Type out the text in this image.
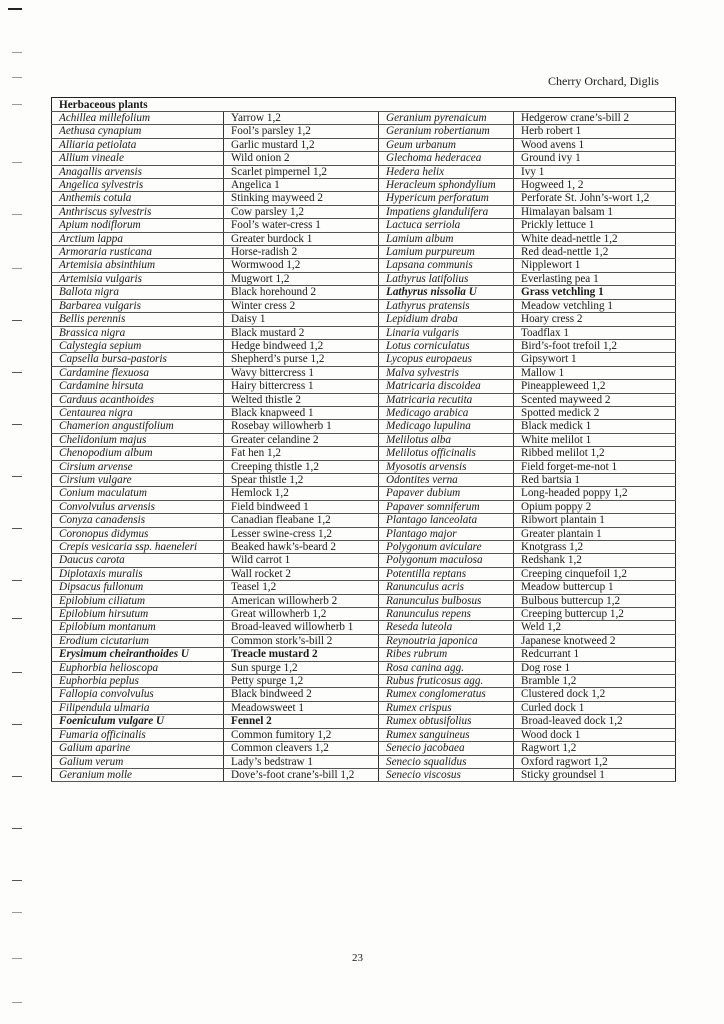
Cherry Orchard, Diglis
Herbaceous plants			
Achillea millefolium	Yarrow 1,2	Geranium pyrenaicum	Hedgerow crane’s-bill 2
Aethusa cynapium	Fool’s parsley 1,2	Geranium robertianum	Herb robert 1
Alliaria petiolata	Garlic mustard 1,2	Geum urbanum	Wood avens 1
Allium vineale	Wild onion 2	Glechoma hederacea	Ground ivy 1
Anagallis arvensis	Scarlet pimpernel 1,2	Hedera helix	Ivy 1
Angelica sylvestris	Angelica 1	Heracleum sphondylium	Hogweed 1, 2
Anthemis cotula	Stinking mayweed 2	Hypericum perforatum	Perforate St. John’s-wort 1,2
Anthriscus sylvestris	Cow parsley 1,2	Impatiens glandulifera	Himalayan balsam 1
Apium nodiflorum	Fool’s water-cress 1	Lactuca serriola	Prickly lettuce 1
Arctium lappa	Greater burdock 1	Lamium album	White dead-nettle 1,2
Armoraria rusticana	Horse-radish 2	Lamium purpureum	Red dead-nettle 1,2
Artemisia absinthium	Wormwood 1,2	Lapsana communis	Nipplewort 1
Artemisia vulgaris	Mugwort 1,2	Lathyrus latifolius	Everlasting pea 1
Ballota nigra	Black horehound 2	Lathyrus nissolia U	Grass vetchling 1
Barbarea vulgaris	Winter cress 2	Lathyrus pratensis	Meadow vetchling 1
Bellis perennis	Daisy 1	Lepidium draba	Hoary cress 2
Brassica nigra	Black mustard 2	Linaria vulgaris	Toadflax 1
Calystegia sepium	Hedge bindweed 1,2	Lotus corniculatus	Bird’s-foot trefoil 1,2
Capsella bursa-pastoris	Shepherd’s purse 1,2	Lycopus europaeus	Gipsywort 1
Cardamine flexuosa	Wavy bittercress 1	Malva sylvestris	Mallow 1
Cardamine hirsuta	Hairy bittercress 1	Matricaria discoidea	Pineappleweed 1,2
Carduus acanthoides	Welted thistle 2	Matricaria recutita	Scented mayweed 2
Centaurea nigra	Black knapweed 1	Medicago arabica	Spotted medick 2
Chamerion angustifolium	Rosebay willowherb 1	Medicago lupulina	Black medick 1
Chelidonium majus	Greater celandine 2	Melilotus alba	White melilot 1
Chenopodium album	Fat hen 1,2	Melilotus officinalis	Ribbed melilot 1,2
Cirsium arvense	Creeping thistle 1,2	Myosotis arvensis	Field forget-me-not 1
Cirsium vulgare	Spear thistle 1,2	Odontites verna	Red bartsia 1
Conium maculatum	Hemlock 1,2	Papaver dubium	Long-headed poppy 1,2
Convolvulus arvensis	Field bindweed 1	Papaver somniferum	Opium poppy 2
Conyza canadensis	Canadian fleabane 1,2	Plantago lanceolata	Ribwort plantain 1
Coronopus didymus	Lesser swine-cress 1,2	Plantago major	Greater plantain 1
Crepis vesicaria ssp. haeneleri	Beaked hawk’s-beard 2	Polygonum aviculare	Knotgrass 1,2
Daucus carota	Wild carrot 1	Polygonum maculosa	Redshank 1,2
Diplotaxis muralis	Wall rocket 2	Potentilla reptans	Creeping cinquefoil 1,2
Dipsacus fullonum	Teasel 1,2	Ranunculus acris	Meadow buttercup 1
Epilobium ciliatum	American willowherb 2	Ranunculus bulbosus	Bulbous buttercup 1,2
Epilobium hirsutum	Great willowherb 1,2	Ranunculus repens	Creeping buttercup 1,2
Epilobium montanum	Broad-leaved willowherb 1	Reseda luteola	Weld 1,2
Erodium cicutarium	Common stork’s-bill 2	Reynoutria japonica	Japanese knotweed 2
Erysimum cheiranthoides U	Treacle mustard 2	Ribes rubrum	Redcurrant 1
Euphorbia helioscopa	Sun spurge 1,2	Rosa canina agg.	Dog rose 1
Euphorbia peplus	Petty spurge 1,2	Rubus fruticosus agg.	Bramble 1,2
Fallopia convolvulus	Black bindweed 2	Rumex conglomeratus	Clustered dock 1,2
Filipendula ulmaria	Meadowsweet 1	Rumex crispus	Curled dock 1
Foeniculum vulgare U	Fennel 2	Rumex obtusifolius	Broad-leaved dock 1,2
Fumaria officinalis	Common fumitory 1,2	Rumex sanguineus	Wood dock 1
Galium aparine	Common cleavers 1,2	Senecio jacobaea	Ragwort 1,2
Galium verum	Lady’s bedstraw 1	Senecio squalidus	Oxford ragwort 1,2
Geranium molle	Dove’s-foot crane’s-bill 1,2	Senecio viscosus	Sticky groundsel 1
23
